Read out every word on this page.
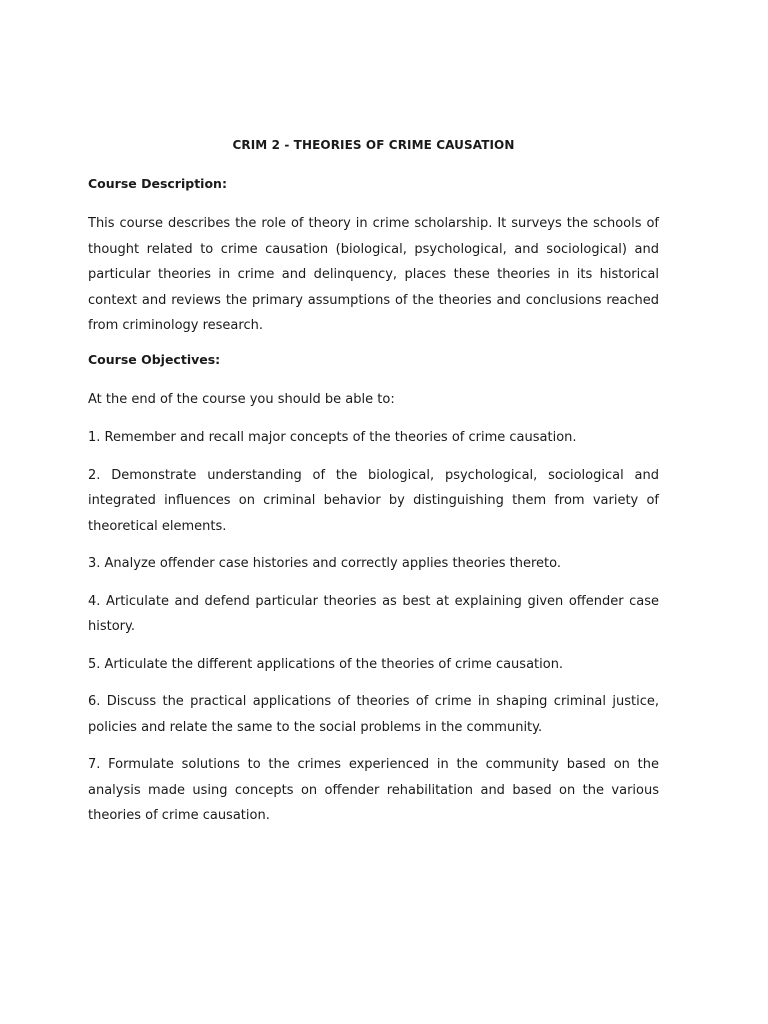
CRIM 2 - THEORIES OF CRIME CAUSATION
Course Description:

This course describes the role of theory in crime scholarship. It surveys the schools of thought related to crime causation (biological, psychological, and sociological) and particular theories in crime and delinquency, places these theories in its historical context and reviews the primary assumptions of the theories and conclusions reached from criminology research.

Course Objectives:

At the end of the course you should be able to:

1. Remember and recall major concepts of the theories of crime causation.
2. Demonstrate understanding of the biological, psychological, sociological and integrated influences on criminal behavior by distinguishing them from variety of theoretical elements.
3. Analyze offender case histories and correctly applies theories thereto.
4. Articulate and defend particular theories as best at explaining given offender case history.
5. Articulate the different applications of the theories of crime causation.
6. Discuss the practical applications of theories of crime in shaping criminal justice, policies and relate the same to the social problems in the community.
7. Formulate solutions to the crimes experienced in the community based on the analysis made using concepts on offender rehabilitation and based on the various theories of crime causation.
